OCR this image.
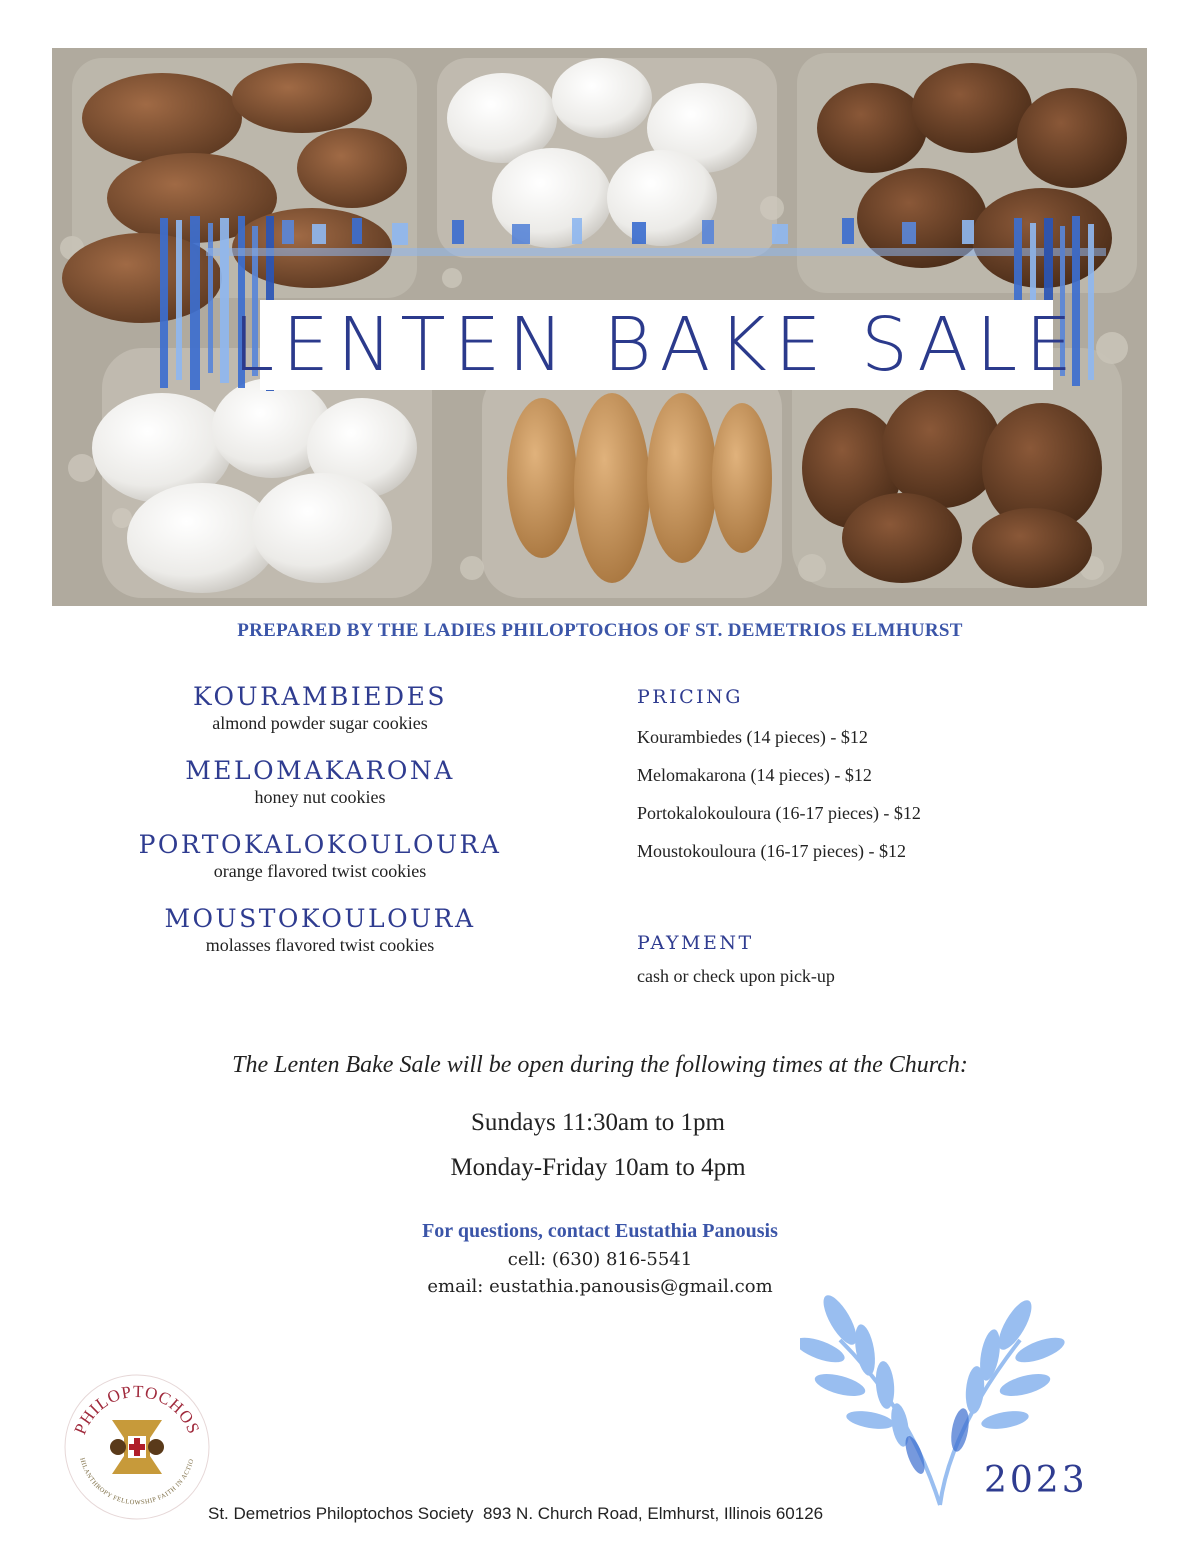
LENTEN BAKE SALE
PREPARED BY THE LADIES PHILOPTOCHOS OF ST. DEMETRIOS ELMHURST
KOURAMBIEDES
almond powder sugar cookies
MELOMAKARONA
honey nut cookies
PORTOKALOKOULOURA
orange flavored twist cookies
MOUSTOKOULOURA
molasses flavored twist cookies
PRICING
Kourambiedes (14 pieces) - $12
Melomakarona (14 pieces) - $12
Portokalokouloura (16-17 pieces) - $12
Moustokouloura (16-17 pieces) - $12
PAYMENT
cash or check upon pick-up
The Lenten Bake Sale will be open during the following times at the Church:
Sundays 11:30am to 1pm
Monday-Friday 10am to 4pm
For questions, contact Eustathia Panousis
cell: (630) 816-5541
email: eustathia.panousis@gmail.com
PHILOPTOCHOS
HILANTHROPY FELLOWSHIP FAITH IN ACTIO
St. Demetrios Philoptochos Society  893 N. Church Road, Elmhurst, Illinois 60126
2023
